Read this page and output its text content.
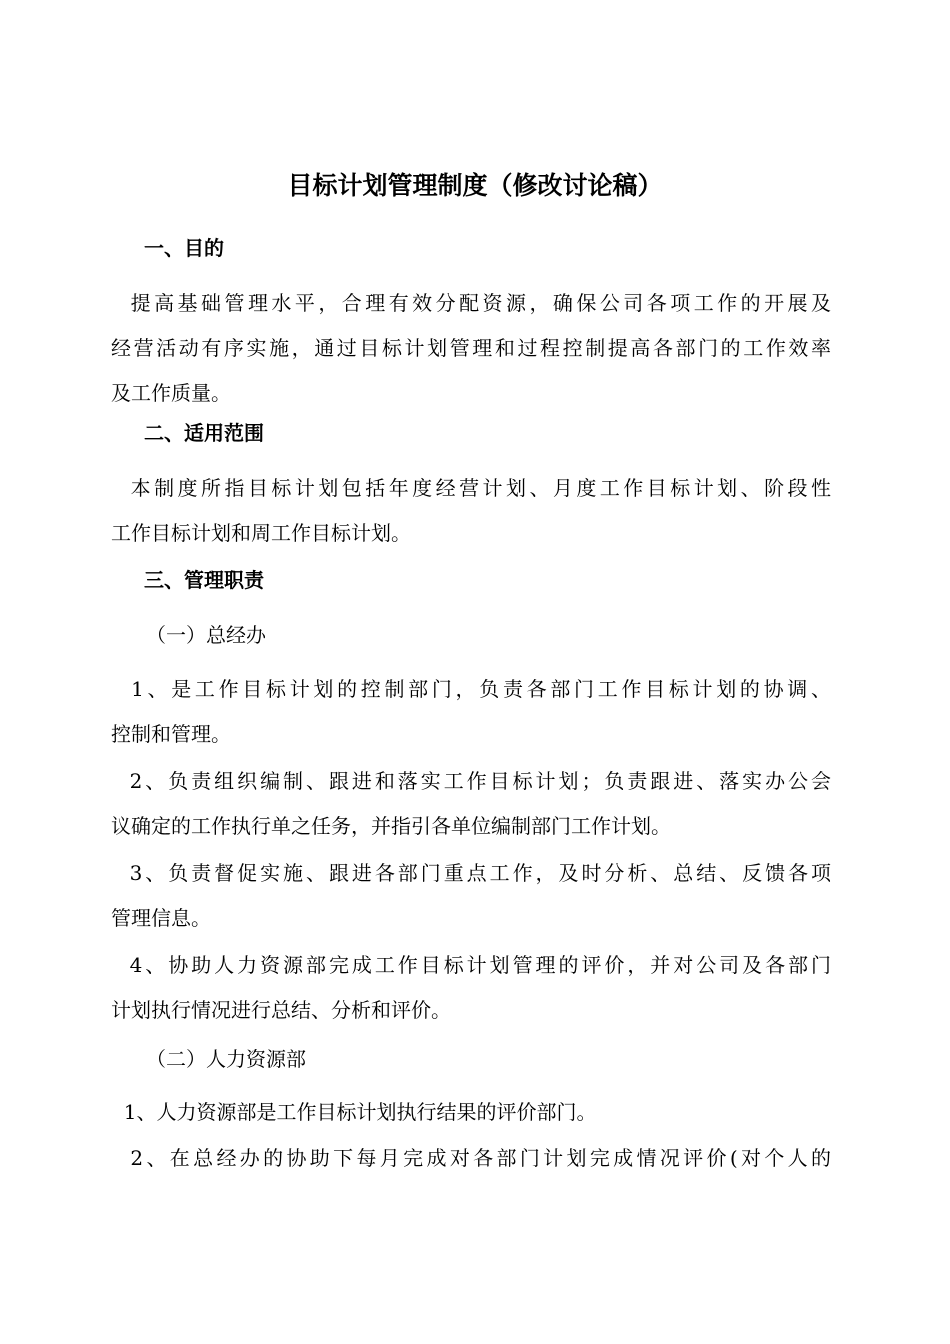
目标计划管理制度（修改讨论稿）
一、目的
提高基础管理水平，合理有效分配资源，确保公司各项工作的开展及
经营活动有序实施，通过目标计划管理和过程控制提高各部门的工作效率
及工作质量。
二、适用范围
本制度所指目标计划包括年度经营计划、月度工作目标计划、阶段性
工作目标计划和周工作目标计划。
三、管理职责
（一）总经办
1、是工作目标计划的控制部门，负责各部门工作目标计划的协调、
控制和管理。
2、负责组织编制、跟进和落实工作目标计划；负责跟进、落实办公会
议确定的工作执行单之任务，并指引各单位编制部门工作计划。
3、负责督促实施、跟进各部门重点工作，及时分析、总结、反馈各项
管理信息。
4、协助人力资源部完成工作目标计划管理的评价，并对公司及各部门
计划执行情况进行总结、分析和评价。
（二）人力资源部
1、人力资源部是工作目标计划执行结果的评价部门。
2、在总经办的协助下每月完成对各部门计划完成情况评价(对个人的
